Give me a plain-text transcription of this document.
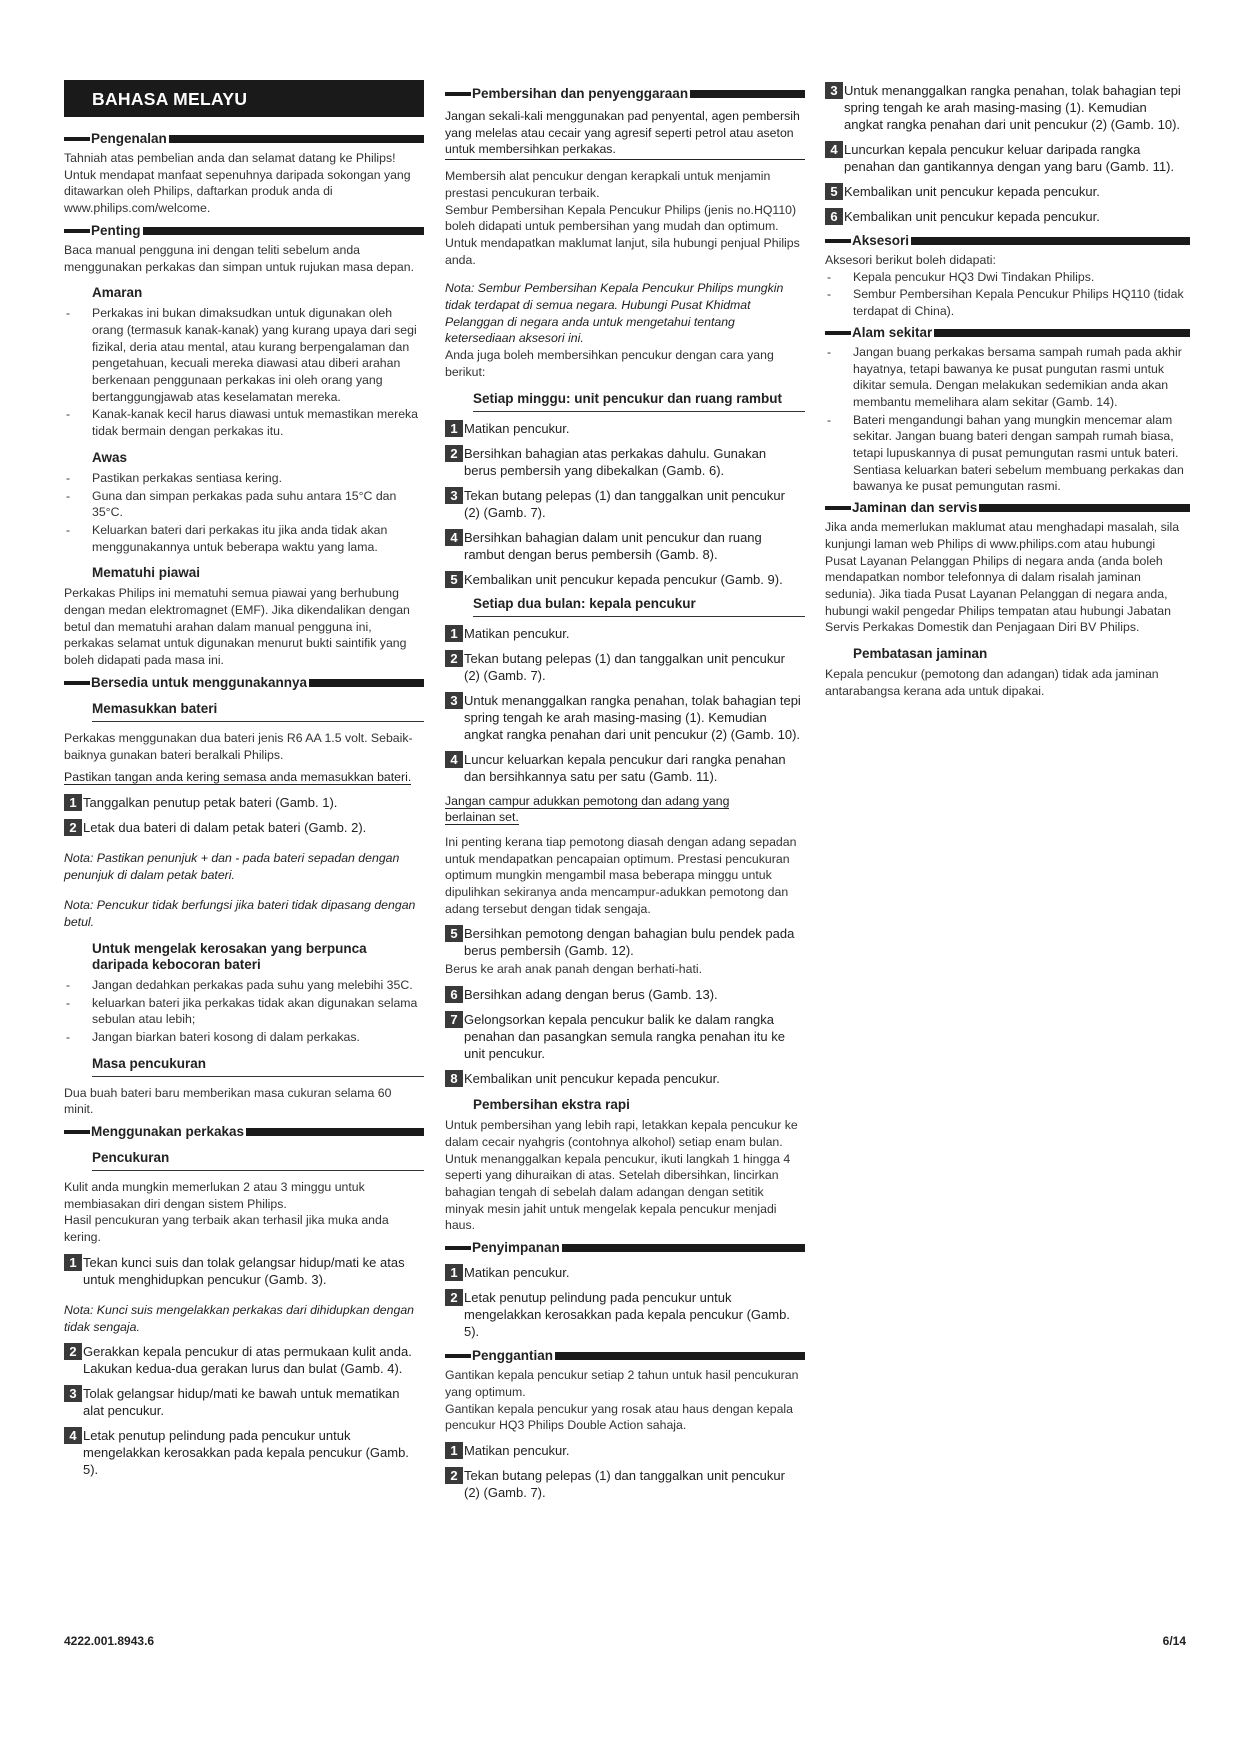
BAHASA MELAYU
Pengenalan

Tahniah atas pembelian anda dan selamat datang ke Philips! Untuk mendapat manfaat sepenuhnya daripada sokongan yang ditawarkan oleh Philips, daftarkan produk anda di www.philips.com/welcome.

Penting

Baca manual pengguna ini dengan teliti sebelum anda menggunakan perkakas dan simpan untuk rujukan masa depan.

Amaran
- Perkakas ini bukan dimaksudkan untuk digunakan oleh orang (termasuk kanak-kanak) yang kurang upaya dari segi fizikal, deria atau mental, atau kurang berpengalaman dan pengetahuan, kecuali mereka diawasi atau diberi arahan berkenaan penggunaan perkakas ini oleh orang yang bertanggungjawab atas keselamatan mereka.
- Kanak-kanak kecil harus diawasi untuk memastikan mereka tidak bermain dengan perkakas itu.
Awas
- Pastikan perkakas sentiasa kering.
- Guna dan simpan perkakas pada suhu antara 15°C dan 35°C.
- Keluarkan bateri dari perkakas itu jika anda tidak akan menggunakannya untuk beberapa waktu yang lama.
Mematuhi piawai

Perkakas Philips ini mematuhi semua piawai yang berhubung dengan medan elektromagnet (EMF). Jika dikendalikan dengan betul dan mematuhi arahan dalam manual pengguna ini, perkakas selamat untuk digunakan menurut bukti saintifik yang boleh didapati pada masa ini.

Bersedia untuk menggunakannya
Memasukkan bateri

Perkakas menggunakan dua bateri jenis R6 AA 1.5 volt. Sebaik-baiknya gunakan bateri beralkali Philips.

Pastikan tangan anda kering semasa anda memasukkan bateri.
1 Tanggalkan penutup petak bateri (Gamb. 1).
2 Letak dua bateri di dalam petak bateri (Gamb. 2).

Nota: Pastikan penunjuk + dan - pada bateri sepadan dengan penunjuk di dalam petak bateri.

Nota: Pencukur tidak berfungsi jika bateri tidak dipasang dengan betul.

Untuk mengelak kerosakan yang berpunca daripada kebocoran bateri
- Jangan dedahkan perkakas pada suhu yang melebihi 35C.
- keluarkan bateri jika perkakas tidak akan digunakan selama sebulan atau lebih;
- Jangan biarkan bateri kosong di dalam perkakas.
Masa pencukuran

Dua buah bateri baru memberikan masa cukuran selama 60 minit.

Menggunakan perkakas
Pencukuran

Kulit anda mungkin memerlukan 2 atau 3 minggu untuk membiasakan diri dengan sistem Philips.

Hasil pencukuran yang terbaik akan terhasil jika muka anda kering.

1 Tekan kunci suis dan tolak gelangsar hidup/mati ke atas untuk menghidupkan pencukur (Gamb. 3).

Nota: Kunci suis mengelakkan perkakas dari dihidupkan dengan tidak sengaja.

2 Gerakkan kepala pencukur di atas permukaan kulit anda. Lakukan kedua-dua gerakan lurus dan bulat (Gamb. 4).
3 Tolak gelangsar hidup/mati ke bawah untuk mematikan alat pencukur.
4 Letak penutup pelindung pada pencukur untuk mengelakkan kerosakkan pada kepala pencukur (Gamb. 5).
Pembersihan dan penyenggaraan
Jangan sekali-kali menggunakan pad penyental, agen pembersih yang melelas atau cecair yang agresif seperti petrol atau aseton untuk membersihkan perkakas.

Membersih alat pencukur dengan kerapkali untuk menjamin prestasi pencukuran terbaik.

Sembur Pembersihan Kepala Pencukur Philips (jenis no.HQ110) boleh didapati untuk pembersihan yang mudah dan optimum. Untuk mendapatkan maklumat lanjut, sila hubungi penjual Philips anda.

Nota: Sembur Pembersihan Kepala Pencukur Philips mungkin tidak terdapat di semua negara. Hubungi Pusat Khidmat Pelanggan di negara anda untuk mengetahui tentang ketersediaan aksesori ini.

Anda juga boleh membersihkan pencukur dengan cara yang berikut:

Setiap minggu: unit pencukur dan ruang rambut
1 Matikan pencukur.
2 Bersihkan bahagian atas perkakas dahulu. Gunakan berus pembersih yang dibekalkan (Gamb. 6).
3 Tekan butang pelepas (1) dan tanggalkan unit pencukur (2) (Gamb. 7).
4 Bersihkan bahagian dalam unit pencukur dan ruang rambut dengan berus pembersih (Gamb. 8).
5 Kembalikan unit pencukur kepada pencukur (Gamb. 9).
Setiap dua bulan: kepala pencukur
1 Matikan pencukur.
2 Tekan butang pelepas (1) dan tanggalkan unit pencukur (2) (Gamb. 7).
3 Untuk menanggalkan rangka penahan, tolak bahagian tepi spring tengah ke arah masing-masing (1). Kemudian angkat rangka penahan dari unit pencukur (2) (Gamb. 10).
4 Luncur keluarkan kepala pencukur dari rangka penahan dan bersihkannya satu per satu (Gamb. 11).
Jangan campur adukkan pemotong dan adang yang berlainan set.

Ini penting kerana tiap pemotong diasah dengan adang sepadan untuk mendapatkan pencapaian optimum. Prestasi pencukuran optimum mungkin mengambil masa beberapa minggu untuk dipulihkan sekiranya anda mencampur-adukkan pemotong dan adang tersebut dengan tidak sengaja.

5 Bersihkan pemotong dengan bahagian bulu pendek pada berus pembersih (Gamb. 12).

Berus ke arah anak panah dengan berhati-hati.

6 Bersihkan adang dengan berus (Gamb. 13).
7 Gelongsorkan kepala pencukur balik ke dalam rangka penahan dan pasangkan semula rangka penahan itu ke unit pencukur.
8 Kembalikan unit pencukur kepada pencukur.
Pembersihan ekstra rapi

Untuk pembersihan yang lebih rapi, letakkan kepala pencukur ke dalam cecair nyahgris (contohnya alkohol) setiap enam bulan. Untuk menanggalkan kepala pencukur, ikuti langkah 1 hingga 4 seperti yang dihuraikan di atas. Setelah dibersihkan, lincirkan bahagian tengah di sebelah dalam adangan dengan setitik minyak mesin jahit untuk mengelak kepala pencukur menjadi haus.

Penyimpanan
1 Matikan pencukur.
2 Letak penutup pelindung pada pencukur untuk mengelakkan kerosakkan pada kepala pencukur (Gamb. 5).
Penggantian

Gantikan kepala pencukur setiap 2 tahun untuk hasil pencukuran yang optimum.

Gantikan kepala pencukur yang rosak atau haus dengan kepala pencukur HQ3 Philips Double Action sahaja.

1 Matikan pencukur.
2 Tekan butang pelepas (1) dan tanggalkan unit pencukur (2) (Gamb. 7).
3 Untuk menanggalkan rangka penahan, tolak bahagian tepi spring tengah ke arah masing-masing (1). Kemudian angkat rangka penahan dari unit pencukur (2) (Gamb. 10).
4 Luncurkan kepala pencukur keluar daripada rangka penahan dan gantikannya dengan yang baru (Gamb. 11).
5 Kembalikan unit pencukur kepada pencukur.
6 Kembalikan unit pencukur kepada pencukur.
Aksesori

Aksesori berikut boleh didapati:

- Kepala pencukur HQ3 Dwi Tindakan Philips.
- Sembur Pembersihan Kepala Pencukur Philips HQ110 (tidak terdapat di China).
Alam sekitar
- Jangan buang perkakas bersama sampah rumah pada akhir hayatnya, tetapi bawanya ke pusat pungutan rasmi untuk dikitar semula. Dengan melakukan sedemikian anda akan membantu memelihara alam sekitar (Gamb. 14).
- Bateri mengandungi bahan yang mungkin mencemar alam sekitar. Jangan buang bateri dengan sampah rumah biasa, tetapi lupuskannya di pusat pemungutan rasmi untuk bateri. Sentiasa keluarkan bateri sebelum membuang perkakas dan bawanya ke pusat pemungutan rasmi.
Jaminan dan servis

Jika anda memerlukan maklumat atau menghadapi masalah, sila kunjungi laman web Philips di www.philips.com atau hubungi Pusat Layanan Pelanggan Philips di negara anda (anda boleh mendapatkan nombor telefonnya di dalam risalah jaminan sedunia). Jika tiada Pusat Layanan Pelanggan di negara anda, hubungi wakil pengedar Philips tempatan atau hubungi Jabatan Servis Perkakas Domestik dan Penjagaan Diri BV Philips.

Pembatasan jaminan

Kepala pencukur (pemotong dan adangan) tidak ada jaminan antarabangsa kerana ada untuk dipakai.

4222.001.8943.6	6/14
